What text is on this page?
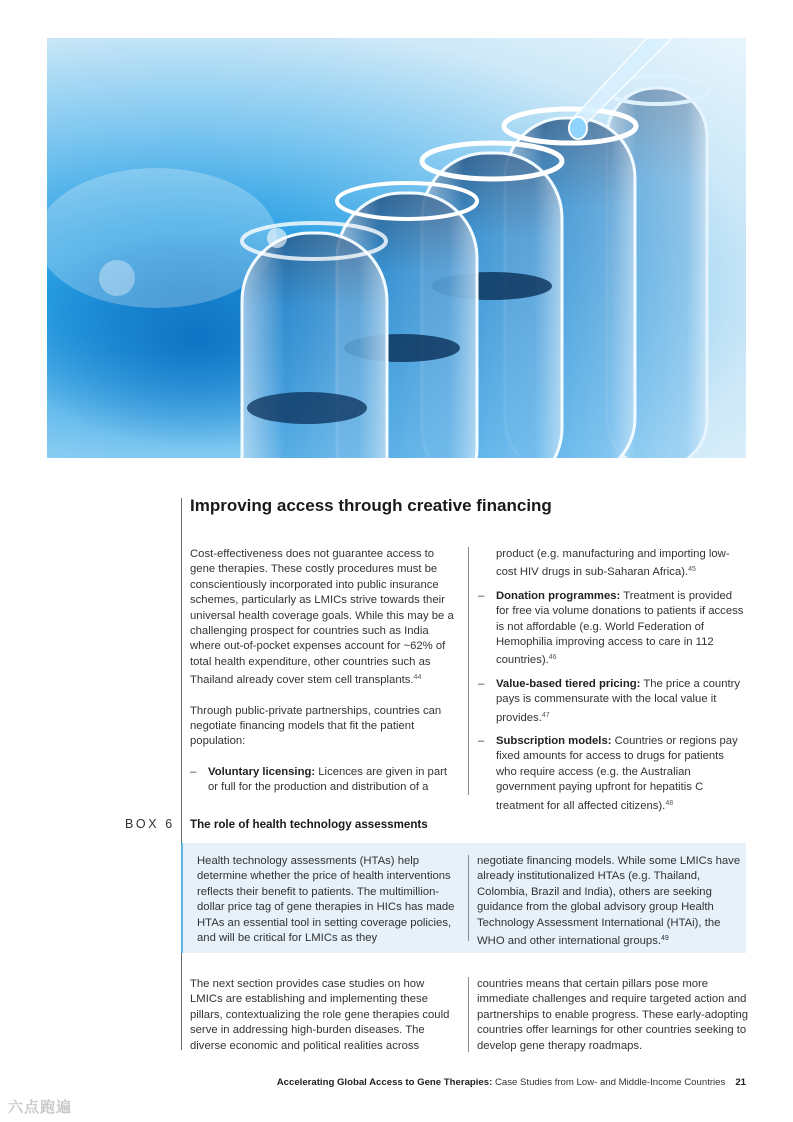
Improving access through creative financing

Cost-effectiveness does not guarantee access to gene therapies. These costly procedures must be conscientiously incorporated into public insurance schemes, particularly as LMICs strive towards their universal health coverage goals. While this may be a challenging prospect for countries such as India where out-of-pocket expenses account for ~62% of total health expenditure, other countries such as Thailand already cover stem cell transplants.$^{44}$

Through public-private partnerships, countries can negotiate financing models that fit the patient population:

– Voluntary licensing: Licences are given in part or full for the production and distribution of a
product (e.g. manufacturing and importing low-cost HIV drugs in sub-Saharan Africa).$^{45}$
– Donation programmes: Treatment is provided for free via volume donations to patients if access is not affordable (e.g. World Federation of Hemophilia improving access to care in 112 countries).$^{46}$
– Value-based tiered pricing: The price a country pays is commensurate with the local value it provides.$^{47}$
– Subscription models: Countries or regions pay fixed amounts for access to drugs for patients who require access (e.g. the Australian government paying upfront for hepatitis C treatment for all affected citizens).$^{48}$
BOX 6 The role of health technology assessments
Health technology assessments (HTAs) help determine whether the price of health interventions reflects their benefit to patients. The multimillion-dollar price tag of gene therapies in HICs has made HTAs an essential tool in setting coverage policies, and will be critical for LMICs as they
negotiate financing models. While some LMICs have already institutionalized HTAs (e.g. Thailand, Colombia, Brazil and India), others are seeking guidance from the global advisory group Health Technology Assessment International (HTAi), the WHO and other international groups.$^{49}$
The next section provides case studies on how LMICs are establishing and implementing these pillars, contextualizing the role gene therapies could serve in addressing high-burden diseases. The diverse economic and political realities across
countries means that certain pillars pose more immediate challenges and require targeted action and partnerships to enable progress. These early-adopting countries offer learnings for other countries seeking to develop gene therapy roadmaps.
Accelerating Global Access to Gene Therapies: Case Studies from Low- and Middle-Income Countries 21
六点跑遍
